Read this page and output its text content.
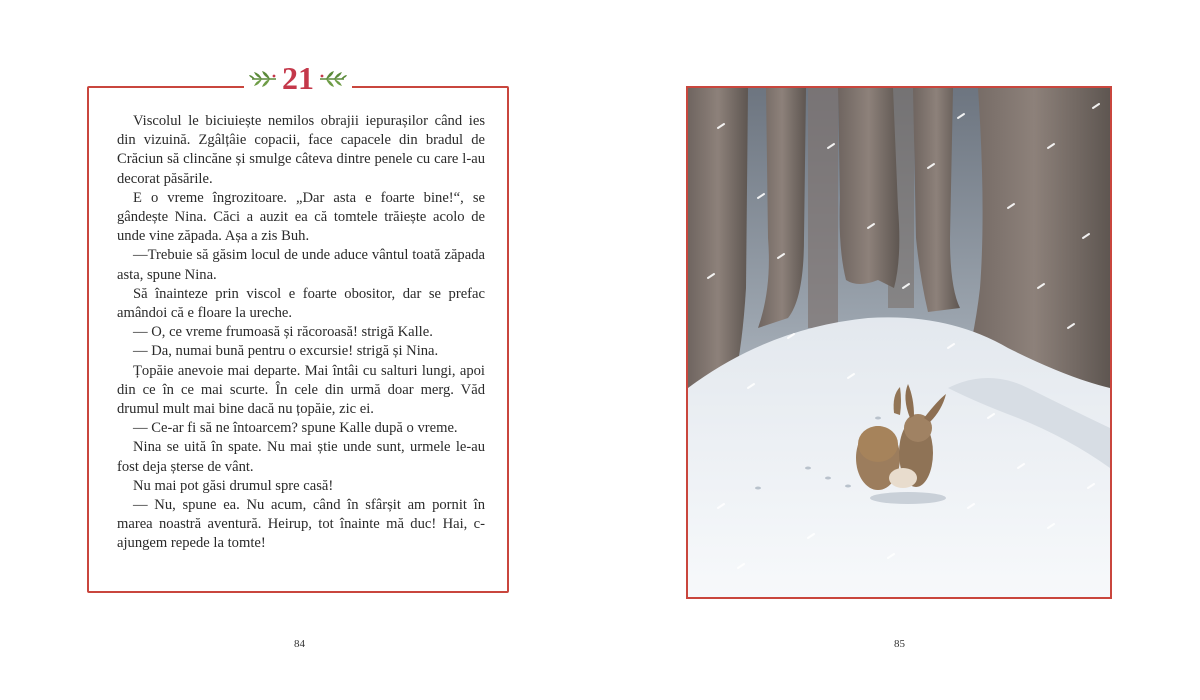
21

Viscolul le biciuiește nemilos obrajii iepurașilor când ies din vizuină. Zgâlțâie copacii, face capacele din bradul de Crăciun să clincăne și smulge câteva dintre penele cu care l-au decorat păsările.

E o vreme îngrozitoare. „Dar asta e foarte bine!“, se gândește Nina. Căci a auzit ea că tomtele trăiește acolo de unde vine zăpada. Așa a zis Buh.

—Trebuie să găsim locul de unde aduce vântul toată zăpada asta, spune Nina.

Să înainteze prin viscol e foarte obositor, dar se prefac amândoi că e floare la ureche.

— O, ce vreme frumoasă și răcoroasă! strigă Kalle.

— Da, numai bună pentru o excursie! strigă și Nina.

Țopăie anevoie mai departe. Mai întâi cu salturi lungi, apoi din ce în ce mai scurte. În cele din urmă doar merg. Văd drumul mult mai bine dacă nu țopăie, zic ei.

— Ce-ar fi să ne întoarcem? spune Kalle după o vreme.

Nina se uită în spate. Nu mai știe unde sunt, urmele le-au fost deja șterse de vânt.

Nu mai pot găsi drumul spre casă!

— Nu, spune ea. Nu acum, când în sfârșit am pornit în marea noastră aventură. Heirup, tot înainte mă duc! Hai, c-ajungem repede la tomte!

84	85
